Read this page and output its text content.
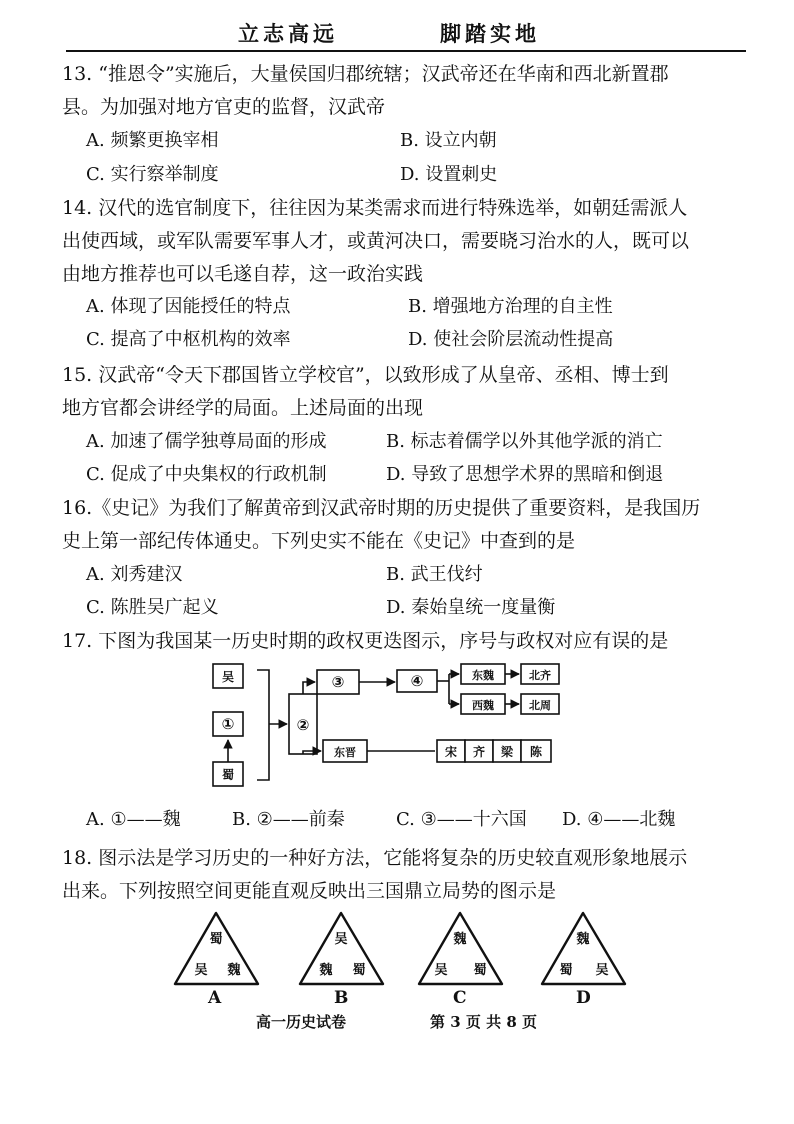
立志高远	脚踏实地
13. “推恩令”实施后，大量侯国归郡统辖；汉武帝还在华南和西北新置郡
县。为加强对地方官吏的监督，汉武帝
A. 频繁更换宰相	B. 设立内朝
C. 实行察举制度	D. 设置刺史
14. 汉代的选官制度下，往往因为某类需求而进行特殊选举，如朝廷需派人
出使西域，或军队需要军事人才，或黄河决口，需要晓习治水的人，既可以
由地方推荐也可以毛遂自荐，这一政治实践
A. 体现了因能授任的特点	B. 增强地方治理的自主性
C. 提高了中枢机构的效率	D. 使社会阶层流动性提高
15. 汉武帝“令天下郡国皆立学校官”，以致形成了从皇帝、丞相、博士到
地方官都会讲经学的局面。上述局面的出现
A. 加速了儒学独尊局面的形成	B. 标志着儒学以外其他学派的消亡
C. 促成了中央集权的行政机制	D. 导致了思想学术界的黑暗和倒退
16.《史记》为我们了解黄帝到汉武帝时期的历史提供了重要资料，是我国历
史上第一部纪传体通史。下列史实不能在《史记》中查到的是
A. 刘秀建汉	B. 武王伐纣
C. 陈胜吴广起义	D. 秦始皇统一度量衡
17. 下图为我国某一历史时期的政权更迭图示，序号与政权对应有误的是
吴
①
蜀
②
③	④	东魏
西魏
北齐
北周
东晋	宋 齐 梁 陈
A. ①——魏	B. ②——前秦	C. ③——十六国 D. ④——北魏
18. 图示法是学习历史的一种好方法，它能将复杂的历史较直观形象地展示
出来。下列按照空间更能直观反映出三国鼎立局势的图示是
蜀
吴 魏
吴
魏 蜀
魏
吴 蜀
魏
蜀 吴
A	B	C	D
高一历史试卷	第 3 页 共 8 页
